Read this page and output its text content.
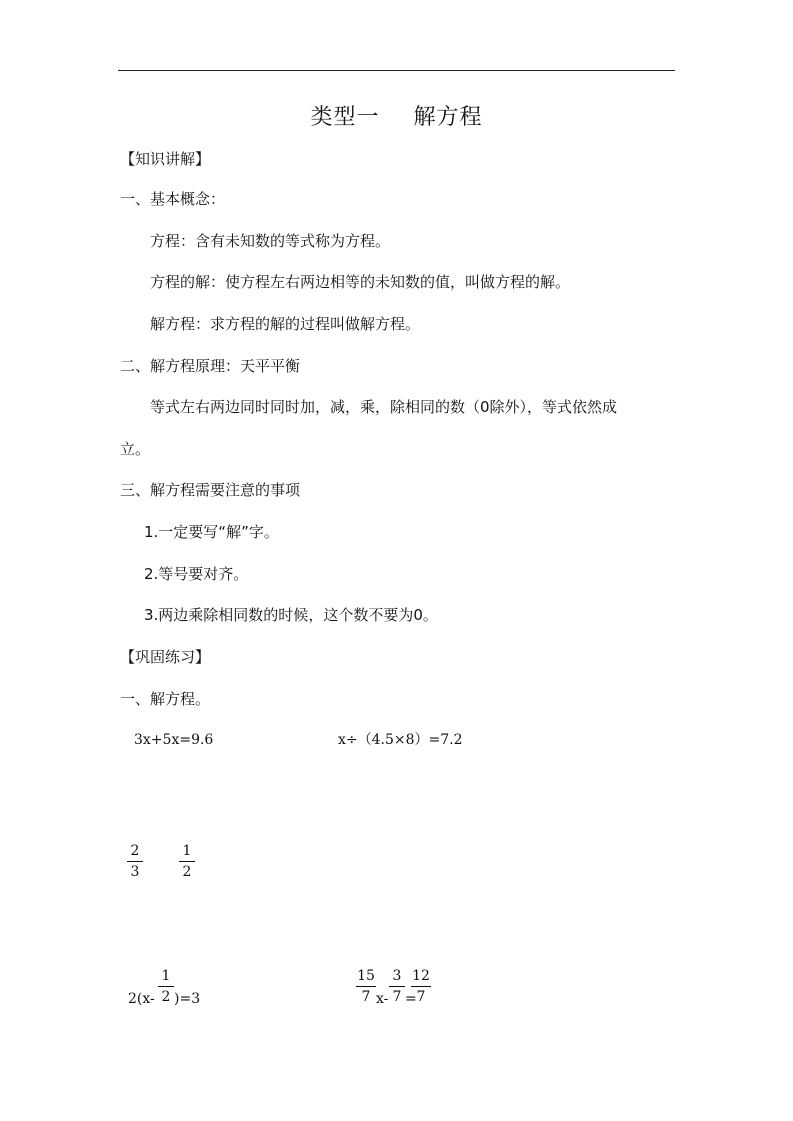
类型一 解方程
【知识讲解】
一、基本概念：
方程：含有未知数的等式称为方程。
方程的解：使方程左右两边相等的未知数的值，叫做方程的解。
解方程：求方程的解的过程叫做解方程。
二、解方程原理：天平平衡
等式左右两边同时同时加，减，乘，除相同的数（0除外），等式依然成
立。
三、解方程需要注意的事项
1.一定要写“解”字。
2.等号要对齐。
3.两边乘除相同数的时候，这个数不要为0。
【巩固练习】
一、解方程。
3x+5x=9.6	x÷（4.5×8）=7.2
2
3
1
2
2(x-
1
2 )=3
15
7 x-
3
7 =
12
7
